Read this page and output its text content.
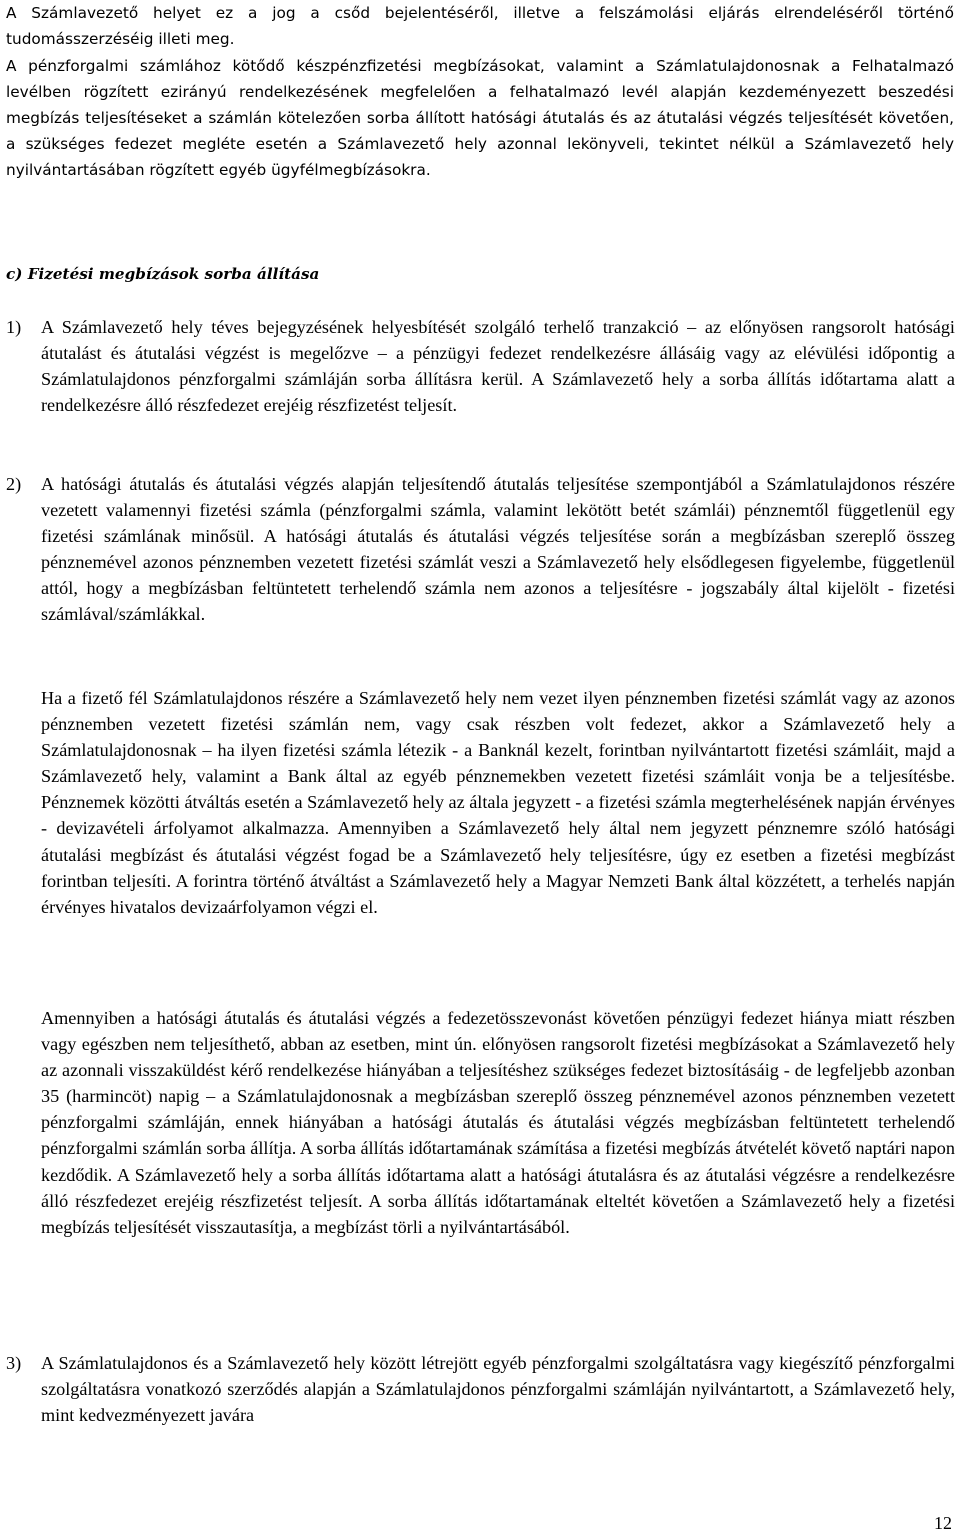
A Számlavezető helyet ez a jog a csőd bejelentéséről, illetve a felszámolási eljárás elrendeléséről történő tudomásszerzéséig illeti meg.

A pénzforgalmi számlához kötődő készpénzfizetési megbízásokat, valamint a Számlatulajdonosnak a Felhatalmazó levélben rögzített ezirányú rendelkezésének megfelelően a felhatalmazó levél alapján kezdeményezett beszedési megbízás teljesítéseket a számlán kötelezően sorba állított hatósági átutalás és az átutalási végzés teljesítését követően, a szükséges fedezet megléte esetén a Számlavezető hely azonnal lekönyveli, tekintet nélkül a Számlavezető hely nyilvántartásában rögzített egyéb ügyfélmegbízásokra.

c) Fizetési megbízások sorba állítása

1) A Számlavezető hely téves bejegyzésének helyesbítését szolgáló terhelő tranzakció – az előnyösen rangsorolt hatósági átutalást és átutalási végzést is megelőzve – a pénzügyi fedezet rendelkezésre állásáig vagy az elévülési időpontig a Számlatulajdonos pénzforgalmi számláján sorba állításra kerül. A Számlavezető hely a sorba állítás időtartama alatt a rendelkezésre álló részfedezet erejéig részfizetést teljesít.

2) A hatósági átutalás és átutalási végzés alapján teljesítendő átutalás teljesítése szempontjából a Számlatulajdonos részére vezetett valamennyi fizetési számla (pénzforgalmi számla, valamint lekötött betét számlái) pénznemtől függetlenül egy fizetési számlának minősül. A hatósági átutalás és átutalási végzés teljesítése során a megbízásban szereplő összeg pénznemével azonos pénznemben vezetett fizetési számlát veszi a Számlavezető hely elsődlegesen figyelembe, függetlenül attól, hogy a megbízásban feltüntetett terhelendő számla nem azonos a teljesítésre - jogszabály által kijelölt - fizetési számlával/számlákkal.

Ha a fizető fél Számlatulajdonos részére a Számlavezető hely nem vezet ilyen pénznemben fizetési számlát vagy az azonos pénznemben vezetett fizetési számlán nem, vagy csak részben volt fedezet, akkor a Számlavezető hely a Számlatulajdonosnak – ha ilyen fizetési számla létezik - a Banknál kezelt, forintban nyilvántartott fizetési számláit, majd a Számlavezető hely, valamint a Bank által az egyéb pénznemekben vezetett fizetési számláit vonja be a teljesítésbe. Pénznemek közötti átváltás esetén a Számlavezető hely az általa jegyzett - a fizetési számla megterhelésének napján érvényes - devizavételi árfolyamot alkalmazza. Amennyiben a Számlavezető hely által nem jegyzett pénznemre szóló hatósági átutalási megbízást és átutalási végzést fogad be a Számlavezető hely teljesítésre, úgy ez esetben a fizetési megbízást forintban teljesíti. A forintra történő átváltást a Számlavezető hely a Magyar Nemzeti Bank által közzétett, a terhelés napján érvényes hivatalos devizaárfolyamon végzi el.

Amennyiben a hatósági átutalás és átutalási végzés a fedezetösszevonást követően pénzügyi fedezet hiánya miatt részben vagy egészben nem teljesíthető, abban az esetben, mint ún. előnyösen rangsorolt fizetési megbízásokat a Számlavezető hely az azonnali visszaküldést kérő rendelkezése hiányában a teljesítéshez szükséges fedezet biztosításáig - de legfeljebb azonban 35 (harmincöt) napig – a Számlatulajdonosnak a megbízásban szereplő összeg pénznemével azonos pénznemben vezetett pénzforgalmi számláján, ennek hiányában a hatósági átutalás és átutalási végzés megbízásban feltüntetett terhelendő pénzforgalmi számlán sorba állítja. A sorba állítás időtartamának számítása a fizetési megbízás átvételét követő naptári napon kezdődik. A Számlavezető hely a sorba állítás időtartama alatt a hatósági átutalásra és az átutalási végzésre a rendelkezésre álló részfedezet erejéig részfizetést teljesít. A sorba állítás időtartamának elteltét követően a Számlavezető hely a fizetési megbízás teljesítését visszautasítja, a megbízást törli a nyilvántartásából.

3) A Számlatulajdonos és a Számlavezető hely között létrejött egyéb pénzforgalmi szolgáltatásra vagy kiegészítő pénzforgalmi szolgáltatásra vonatkozó szerződés alapján a Számlatulajdonos pénzforgalmi számláján nyilvántartott, a Számlavezető hely, mint kedvezményezett javára

12
